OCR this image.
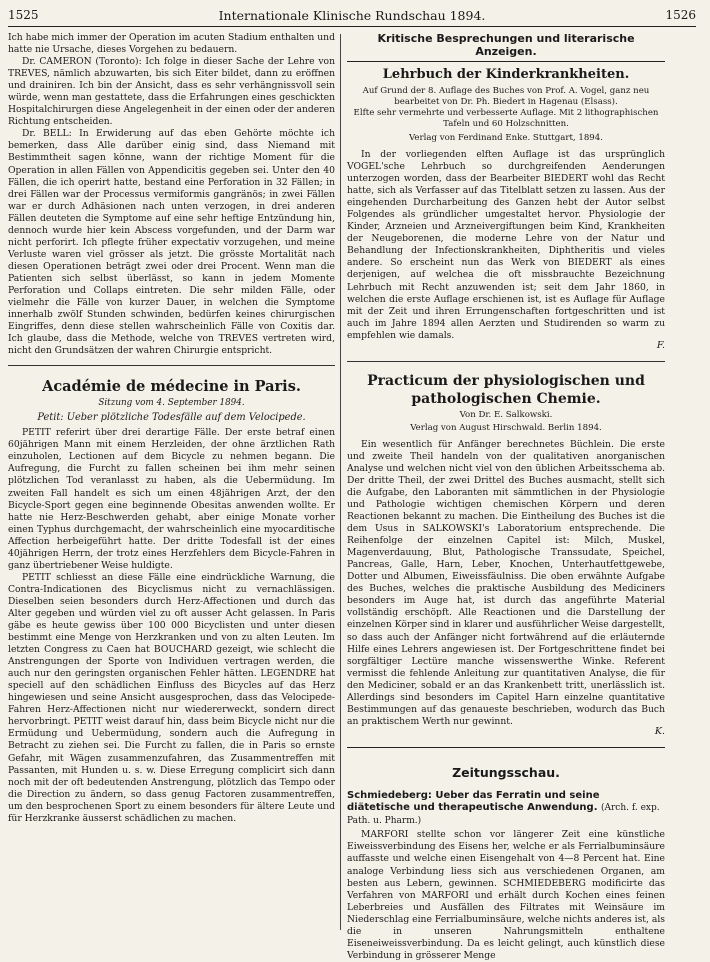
1525	Internationale Klinische Rundschau 1894.	1526

Ich habe mich immer der Operation im acuten Stadium enthalten und hatte nie Ursache, dieses Vorgehen zu bedauern.

Dr. CAMERON (Toronto): Ich folge in dieser Sache der Lehre von TREVES, nämlich abzuwarten, bis sich Eiter bildet, dann zu eröffnen und drainiren. Ich bin der Ansicht, dass es sehr verhängnissvoll sein würde, wenn man gestattete, dass die Erfahrungen eines geschickten Hospitalchirurgen diese Angelegenheit in der einen oder der anderen Richtung entscheiden.

Dr. BELL: In Erwiderung auf das eben Gehörte möchte ich bemerken, dass Alle darüber einig sind, dass Niemand mit Bestimmtheit sagen könne, wann der richtige Moment für die Operation in allen Fällen von Appendicitis gegeben sei. Unter den 40 Fällen, die ich operirt hatte, bestand eine Perforation in 32 Fällen; in drei Fällen war der Processus vermiformis gangränös; in zwei Fällen war er durch Adhäsionen nach unten verzogen, in drei anderen Fällen deuteten die Symptome auf eine sehr heftige Entzündung hin, dennoch wurde hier kein Abscess vorgefunden, und der Darm war nicht perforirt. Ich pflegte früher expectativ vorzugehen, und meine Verluste waren viel grösser als jetzt. Die grösste Mortalität nach diesen Operationen beträgt zwei oder drei Procent. Wenn man die Patienten sich selbst überlässt, so kann in jedem Momente Perforation und Collaps eintreten. Die sehr milden Fälle, oder vielmehr die Fälle von kurzer Dauer, in welchen die Symptome innerhalb zwölf Stunden schwinden, bedürfen keines chirurgischen Eingriffes, denn diese stellen wahrscheinlich Fälle von Coxitis dar. Ich glaube, dass die Methode, welche von TREVES vertreten wird, nicht den Grundsätzen der wahren Chirurgie entspricht.

Académie de médecine in Paris.
Sitzung vom 4. September 1894.
Petit: Ueber plötzliche Todesfälle auf dem Velocipede.

PETIT referirt über drei derartige Fälle. Der erste betraf einen 60jährigen Mann mit einem Herzleiden, der ohne ärztlichen Rath einzuholen, Lectionen auf dem Bicycle zu nehmen begann. Die Aufregung, die Furcht zu fallen scheinen bei ihm mehr seinen plötzlichen Tod veranlasst zu haben, als die Uebermüdung. Im zweiten Fall handelt es sich um einen 48jährigen Arzt, der den Bicycle-Sport gegen eine beginnende Obesitas anwenden wollte. Er hatte nie Herz-Beschwerden gehabt, aber einige Monate vorher einen Typhus durchgemacht, der wahrscheinlich eine myocarditische Affection herbeigeführt hatte. Der dritte Todesfall ist der eines 40jährigen Herrn, der trotz eines Herzfehlers dem Bicycle-Fahren in ganz übertriebener Weise huldigte.

PETIT schliesst an diese Fälle eine eindrückliche Warnung, die Contra-Indicationen des Bicyclismus nicht zu vernachlässigen. Dieselben seien besonders durch Herz-Affectionen und durch das Alter gegeben und würden viel zu oft ausser Acht gelassen. In Paris gäbe es heute gewiss über 100 000 Bicyclisten und unter diesen bestimmt eine Menge von Herzkranken und von zu alten Leuten. Im letzten Congress zu Caen hat BOUCHARD gezeigt, wie schlecht die Anstrengungen der Sporte von Individuen vertragen werden, die auch nur den geringsten organischen Fehler hätten. LEGENDRE hat speciell auf den schädlichen Einfluss des Bicycles auf das Herz hingewiesen und seine Ansicht ausgesprochen, dass das Velocipede-Fahren Herz-Affectionen nicht nur wiedererweckt, sondern direct hervorbringt. PETIT weist darauf hin, dass beim Bicycle nicht nur die Ermüdung und Uebermüdung, sondern auch die Aufregung in Betracht zu ziehen sei. Die Furcht zu fallen, die in Paris so ernste Gefahr, mit Wägen zusammenzufahren, das Zusammentreffen mit Passanten, mit Hunden u. s. w. Diese Erregung complicirt sich dann noch mit der oft bedeutenden Anstrengung, plötzlich das Tempo oder die Direction zu ändern, so dass genug Factoren zusammentreffen, um den besprochenen Sport zu einem besonders für ältere Leute und für Herzkranke äusserst schädlichen zu machen.

Kritische Besprechungen und literarische Anzeigen.
Lehrbuch der Kinderkrankheiten.
Auf Grund der 8. Auflage des Buches von Prof. A. Vogel, ganz neu bearbeitet von Dr. Ph. Biedert in Hagenau (Elsass).
Elfte sehr vermehrte und verbesserte Auflage. Mit 2 lithographischen Tafeln und 60 Holzschnitten.
Verlag von Ferdinand Enke. Stuttgart, 1894.

In der vorliegenden elften Auflage ist das ursprünglich VOGEL'sche Lehrbuch so durchgreifenden Aenderungen unterzogen worden, dass der Bearbeiter BIEDERT wohl das Recht hatte, sich als Verfasser auf das Titelblatt setzen zu lassen. Aus der eingehenden Durcharbeitung des Ganzen hebt der Autor selbst Folgendes als gründlicher umgestaltet hervor. Physiologie der Kinder, Arzneien und Arzneivergiftungen beim Kind, Krankheiten der Neugeborenen, die moderne Lehre von der Natur und Behandlung der Infectionskrankheiten, Diphtheritis und vieles andere. So erscheint nun das Werk von BIEDERT als eines derjenigen, auf welchea die oft missbrauchte Bezeichnung Lehrbuch mit Recht anzuwenden ist; seit dem Jahr 1860, in welchen die erste Auflage erschienen ist, ist es Auflage für Auflage mit der Zeit und ihren Errungenschaften fortgeschritten und ist auch im Jahre 1894 allen Aerzten und Studirenden so warm zu empfehlen wie damals.

F.
Practicum der physiologischen und pathologischen Chemie.
Von Dr. E. Salkowski.
Verlag von August Hirschwald. Berlin 1894.

Ein wesentlich für Anfänger berechnetes Büchlein. Die erste und zweite Theil handeln von der qualitativen anorganischen Analyse und welchen nicht viel von den üblichen Arbeitsschema ab. Der dritte Theil, der zwei Drittel des Buches ausmacht, stellt sich die Aufgabe, den Laboranten mit sämmtlichen in der Physiologie und Pathologie wichtigen chemischen Körpern und deren Reactionen bekannt zu machen. Die Eintheilung des Buches ist die dem Usus in SALKOWSKI's Laboratorium entsprechende. Die Reihenfolge der einzelnen Capitel ist: Milch, Muskel, Magenverdauung, Blut, Pathologische Transsudate, Speichel, Pancreas, Galle, Harn, Leber, Knochen, Unterhautfettgewebe, Dotter und Albumen, Eiweissfäulniss. Die oben erwähnte Aufgabe des Buches, welches die praktische Ausbildung des Mediciners besonders im Auge hat, ist durch das angeführte Material vollständig erschöpft. Alle Reactionen und die Darstellung der einzelnen Körper sind in klarer und ausführlicher Weise dargestellt, so dass auch der Anfänger nicht fortwährend auf die erläuternde Hilfe eines Lehrers angewiesen ist. Der Fortgeschrittene findet bei sorgfältiger Lectüre manche wissenswerthe Winke. Referent vermisst die fehlende Anleitung zur quantitativen Analyse, die für den Mediciner, sobald er an das Krankenbett tritt, unerlässlich ist. Allerdings sind besonders im Capitel Harn einzelne quantitative Bestimmungen auf das genaueste beschrieben, wodurch das Buch an praktischem Werth nur gewinnt.

K.
Zeitungsschau.
Schmiedeberg: Ueber das Ferratin und seine diätetische und therapeutische Anwendung. (Arch. f. exp. Path. u. Pharm.)

MARFORI stellte schon vor längerer Zeit eine künstliche Eiweissverbindung des Eisens her, welche er als Ferrialbuminsäure auffasste und welche einen Eisengehalt von 4—8 Percent hat. Eine analoge Verbindung liess sich aus verschiedenen Organen, am besten aus Lebern, gewinnen. SCHMIEDEBERG modificirte das Verfahren von MARFORI und erhält durch Kochen eines feinen Leberbreies und Ausfällen des Filtrates mit Weinsäure im Niederschlag eine Ferrialbuminsäure, welche nichts anderes ist, als die in unseren Nahrungsmitteln enthaltene Eiseneiweissverbindung. Da es leicht gelingt, auch künstlich diese Verbindung in grösserer Menge
